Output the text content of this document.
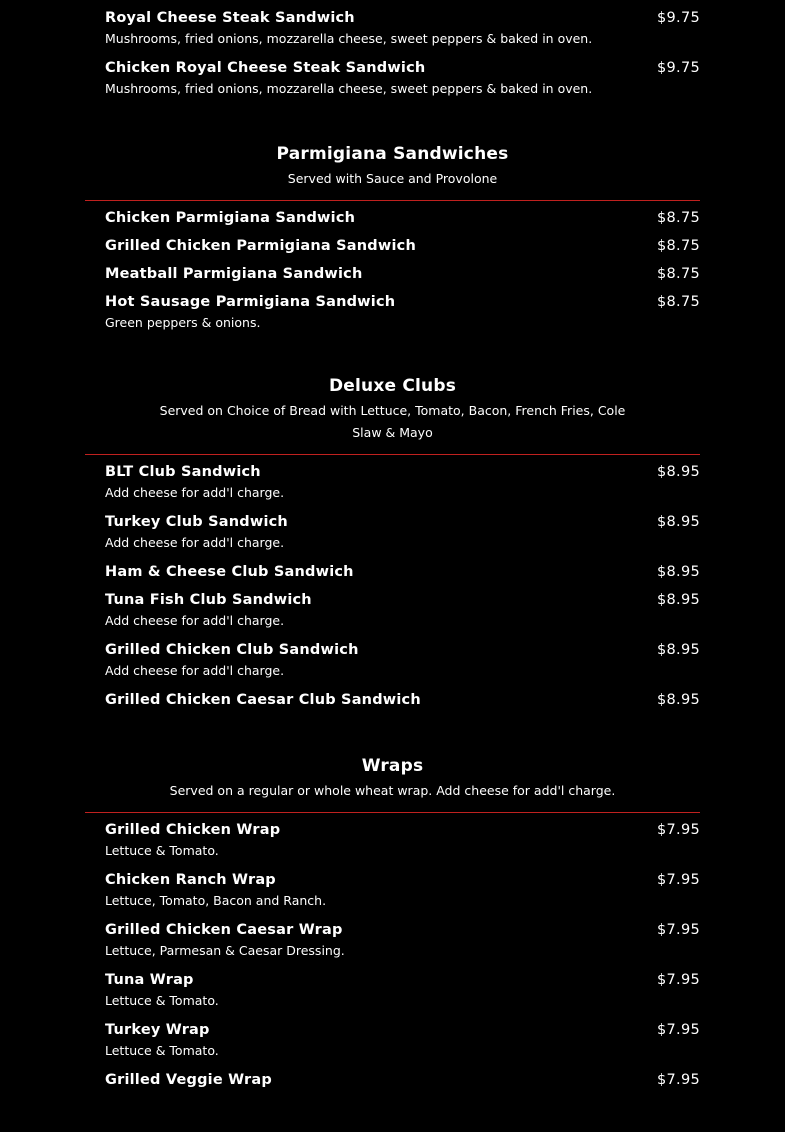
Royal Cheese Steak Sandwich	$9.75
Mushrooms, fried onions, mozzarella cheese, sweet peppers & baked in oven.
Chicken Royal Cheese Steak Sandwich	$9.75
Mushrooms, fried onions, mozzarella cheese, sweet peppers & baked in oven.
Parmigiana Sandwiches
Served with Sauce and Provolone
Chicken Parmigiana Sandwich	$8.75
Grilled Chicken Parmigiana Sandwich	$8.75
Meatball Parmigiana Sandwich	$8.75
Hot Sausage Parmigiana Sandwich	$8.75
Green peppers & onions.
Deluxe Clubs
Served on Choice of Bread with Lettuce, Tomato, Bacon, French Fries, Cole Slaw & Mayo
BLT Club Sandwich	$8.95
Add cheese for add'l charge.
Turkey Club Sandwich	$8.95
Add cheese for add'l charge.
Ham & Cheese Club Sandwich	$8.95
Tuna Fish Club Sandwich	$8.95
Add cheese for add'l charge.
Grilled Chicken Club Sandwich	$8.95
Add cheese for add'l charge.
Grilled Chicken Caesar Club Sandwich	$8.95
Wraps
Served on a regular or whole wheat wrap. Add cheese for add'l charge.
Grilled Chicken Wrap	$7.95
Lettuce & Tomato.
Chicken Ranch Wrap	$7.95
Lettuce, Tomato, Bacon and Ranch.
Grilled Chicken Caesar Wrap	$7.95
Lettuce, Parmesan & Caesar Dressing.
Tuna Wrap	$7.95
Lettuce & Tomato.
Turkey Wrap	$7.95
Lettuce & Tomato.
Grilled Veggie Wrap	$7.95
